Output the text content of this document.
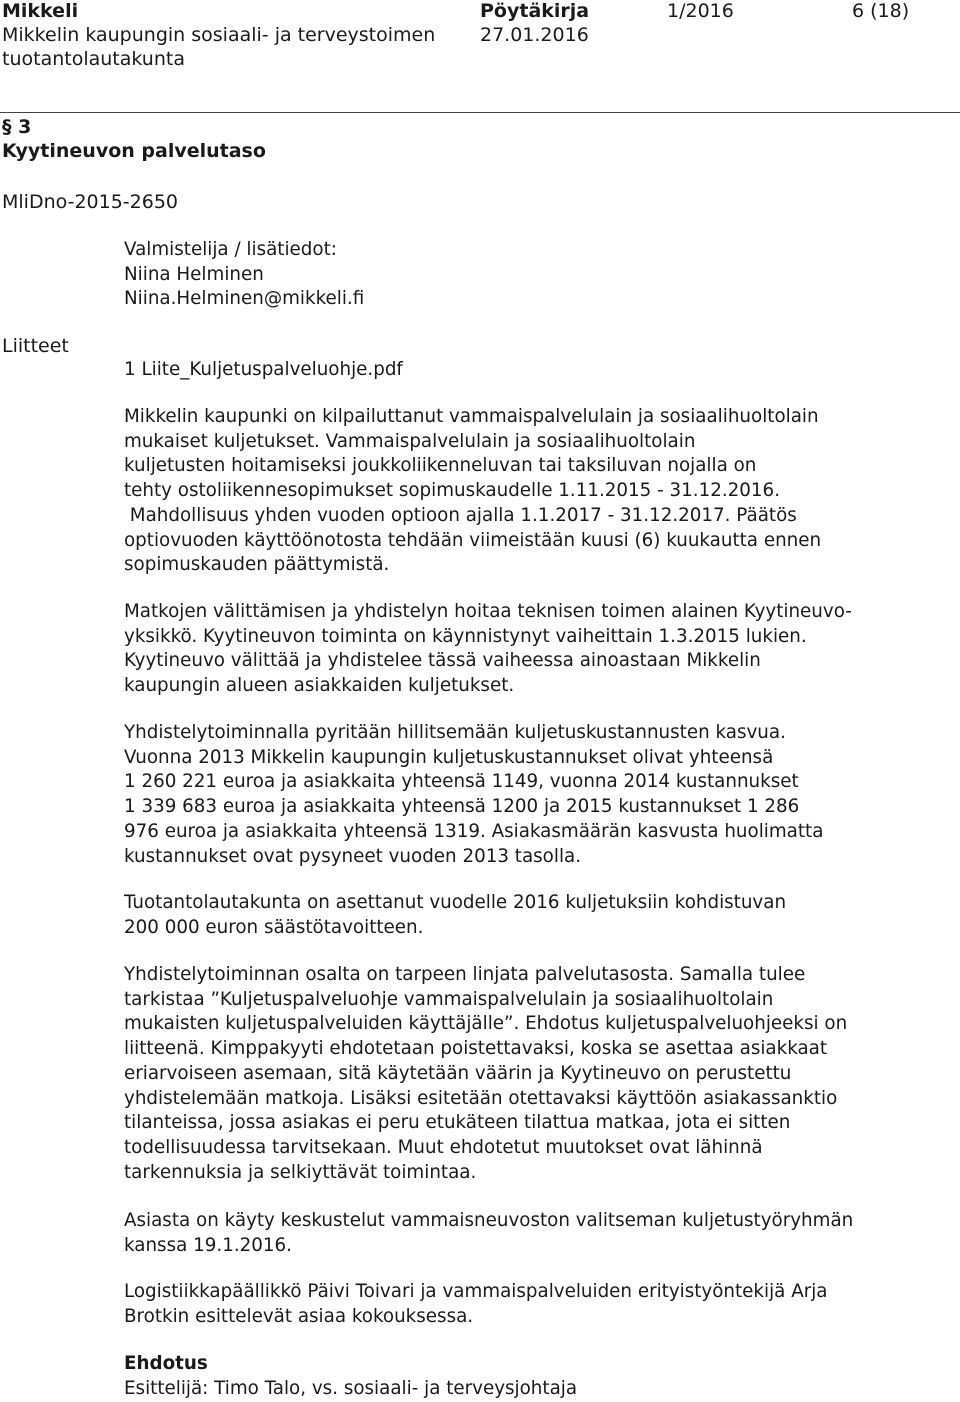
Mikkeli
Mikkelin kaupungin sosiaali- ja terveystoimen
tuotantolautakunta
Pöytäkirja
27.01.2016
1/2016	6 (18)
§ 3
Kyytineuvon palvelutaso
MliDno-2015-2650
Valmistelija / lisätiedot:
Niina Helminen
Niina.Helminen@mikkeli.fi
Liitteet
1 Liite_Kuljetuspalveluohje.pdf
Mikkelin kaupunki on kilpailuttanut vammaispalvelulain ja sosiaalihuoltolain
mukaiset kuljetukset. Vammaispalvelulain ja sosiaalihuoltolain
kuljetusten hoitamiseksi joukkoliikenneluvan tai taksiluvan nojalla on
tehty ostoliikennesopimukset sopimuskaudelle 1.11.2015 - 31.12.2016.
Mahdollisuus yhden vuoden optioon ajalla 1.1.2017 - 31.12.2017. Päätös
optiovuoden käyttöönotosta tehdään viimeistään kuusi (6) kuukautta ennen
sopimuskauden päättymistä.
Matkojen välittämisen ja yhdistelyn hoitaa teknisen toimen alainen Kyytineuvo-
yksikkö. Kyytineuvon toiminta on käynnistynyt vaiheittain 1.3.2015 lukien.
Kyytineuvo välittää ja yhdistelee tässä vaiheessa ainoastaan Mikkelin
kaupungin alueen asiakkaiden kuljetukset.
Yhdistelytoiminnalla pyritään hillitsemään kuljetuskustannusten kasvua.
Vuonna 2013 Mikkelin kaupungin kuljetuskustannukset olivat yhteensä
1 260 221 euroa ja asiakkaita yhteensä 1149, vuonna 2014 kustannukset
1 339 683 euroa ja asiakkaita yhteensä 1200 ja 2015 kustannukset 1 286
976 euroa ja asiakkaita yhteensä 1319. Asiakasmäärän kasvusta huolimatta
kustannukset ovat pysyneet vuoden 2013 tasolla.
Tuotantolautakunta on asettanut vuodelle 2016 kuljetuksiin kohdistuvan
200 000 euron säästötavoitteen.
Yhdistelytoiminnan osalta on tarpeen linjata palvelutasosta. Samalla tulee
tarkistaa ”Kuljetuspalveluohje vammaispalvelulain ja sosiaalihuoltolain
mukaisten kuljetuspalveluiden käyttäjälle”. Ehdotus kuljetuspalveluohjeeksi on
liitteenä. Kimppakyyti ehdotetaan poistettavaksi, koska se asettaa asiakkaat
eriarvoiseen asemaan, sitä käytetään väärin ja Kyytineuvo on perustettu
yhdistelemään matkoja. Lisäksi esitetään otettavaksi käyttöön asiakassanktio
tilanteissa, jossa asiakas ei peru etukäteen tilattua matkaa, jota ei sitten
todellisuudessa tarvitsekaan. Muut ehdotetut muutokset ovat lähinnä
tarkennuksia ja selkiyttävät toimintaa.
Asiasta on käyty keskustelut vammaisneuvoston valitseman kuljetustyöryhmän
kanssa 19.1.2016.
Logistiikkapäällikkö Päivi Toivari ja vammaispalveluiden erityistyöntekijä Arja
Brotkin esittelevät asiaa kokouksessa.
Ehdotus
Esittelijä: Timo Talo, vs. sosiaali- ja terveysjohtaja
